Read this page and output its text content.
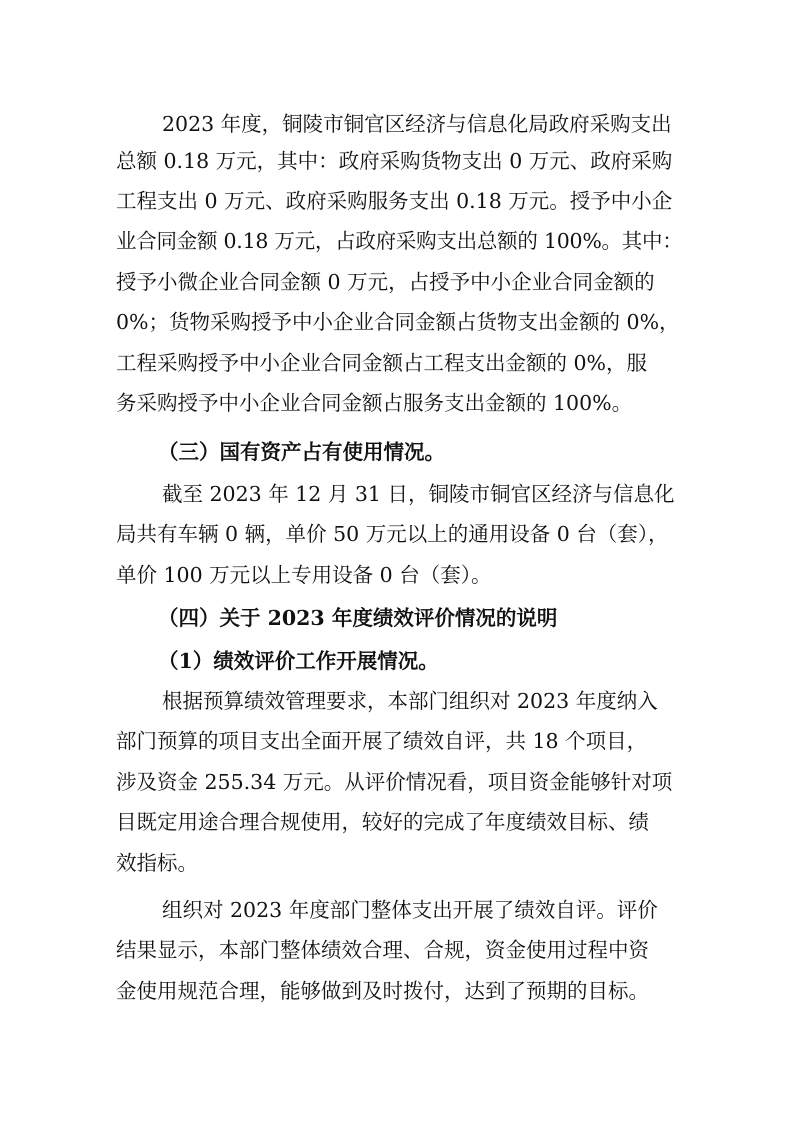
2023 年度，铜陵市铜官区经济与信息化局政府采购支出
总额 0.18 万元，其中：政府采购货物支出 0 万元、政府采购
工程支出 0 万元、政府采购服务支出 0.18 万元。授予中小企
业合同金额 0.18 万元，占政府采购支出总额的 100%。其中：
授予小微企业合同金额 0 万元，占授予中小企业合同金额的
0%；货物采购授予中小企业合同金额占货物支出金额的 0%，
工程采购授予中小企业合同金额占工程支出金额的 0%，服
务采购授予中小企业合同金额占服务支出金额的 100%。
（三）国有资产占有使用情况。
截至 2023 年 12 月 31 日，铜陵市铜官区经济与信息化
局共有车辆 0 辆，单价 50 万元以上的通用设备 0 台（套），
单价 100 万元以上专用设备 0 台（套）。
（四）关于 2023 年度绩效评价情况的说明
（1）绩效评价工作开展情况。
根据预算绩效管理要求，本部门组织对 2023 年度纳入
部门预算的项目支出全面开展了绩效自评，共 18 个项目，
涉及资金 255.34 万元。从评价情况看，项目资金能够针对项
目既定用途合理合规使用，较好的完成了年度绩效目标、绩
效指标。
组织对 2023 年度部门整体支出开展了绩效自评。评价
结果显示，本部门整体绩效合理、合规，资金使用过程中资
金使用规范合理，能够做到及时拨付，达到了预期的目标。
